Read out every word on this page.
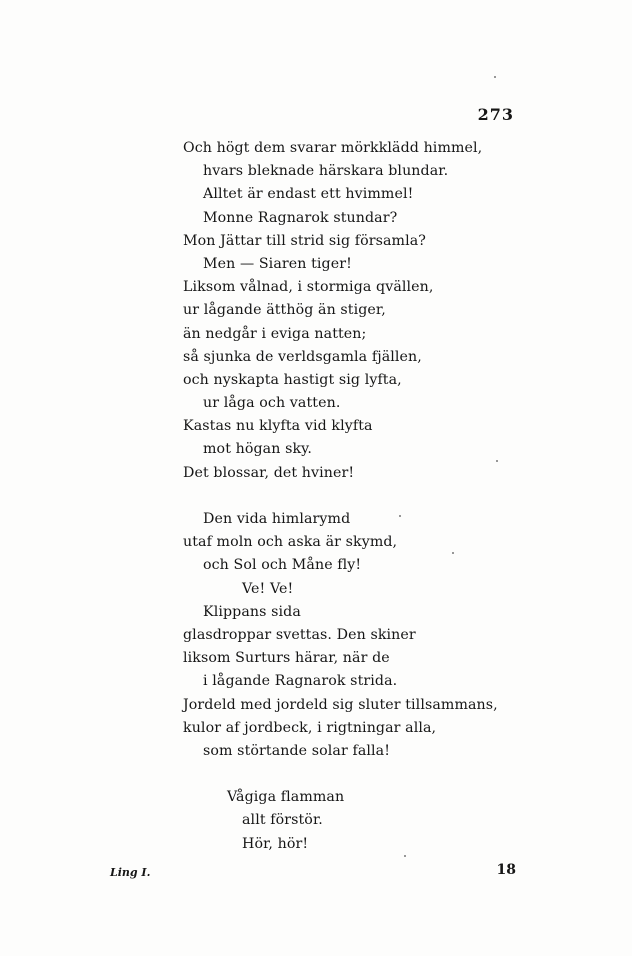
273
Och högt dem svarar mörkklädd himmel,
hvars bleknade härskara blundar.
Alltet är endast ett hvimmel!
Monne Ragnarok stundar?
Mon Jättar till strid sig församla?
Men — Siaren tiger!
Liksom vålnad, i stormiga qvällen,
ur lågande ätthög än stiger,
än nedgår i eviga natten;
så sjunka de verldsgamla fjällen,
och nyskapta hastigt sig lyfta,
ur låga och vatten.
Kastas nu klyfta vid klyfta
mot högan sky.
Det blossar, det hviner!
Den vida himlarymd
utaf moln och aska är skymd,
och Sol och Måne fly!
Ve! Ve!
Klippans sida
glasdroppar svettas. Den skiner
liksom Surturs härar, när de
i lågande Ragnarok strida.
Jordeld med jordeld sig sluter tillsammans,
kulor af jordbeck, i rigtningar alla,
som störtande solar falla!
Vågiga flamman
allt förstör.
Hör, hör!
Ling I.	18
